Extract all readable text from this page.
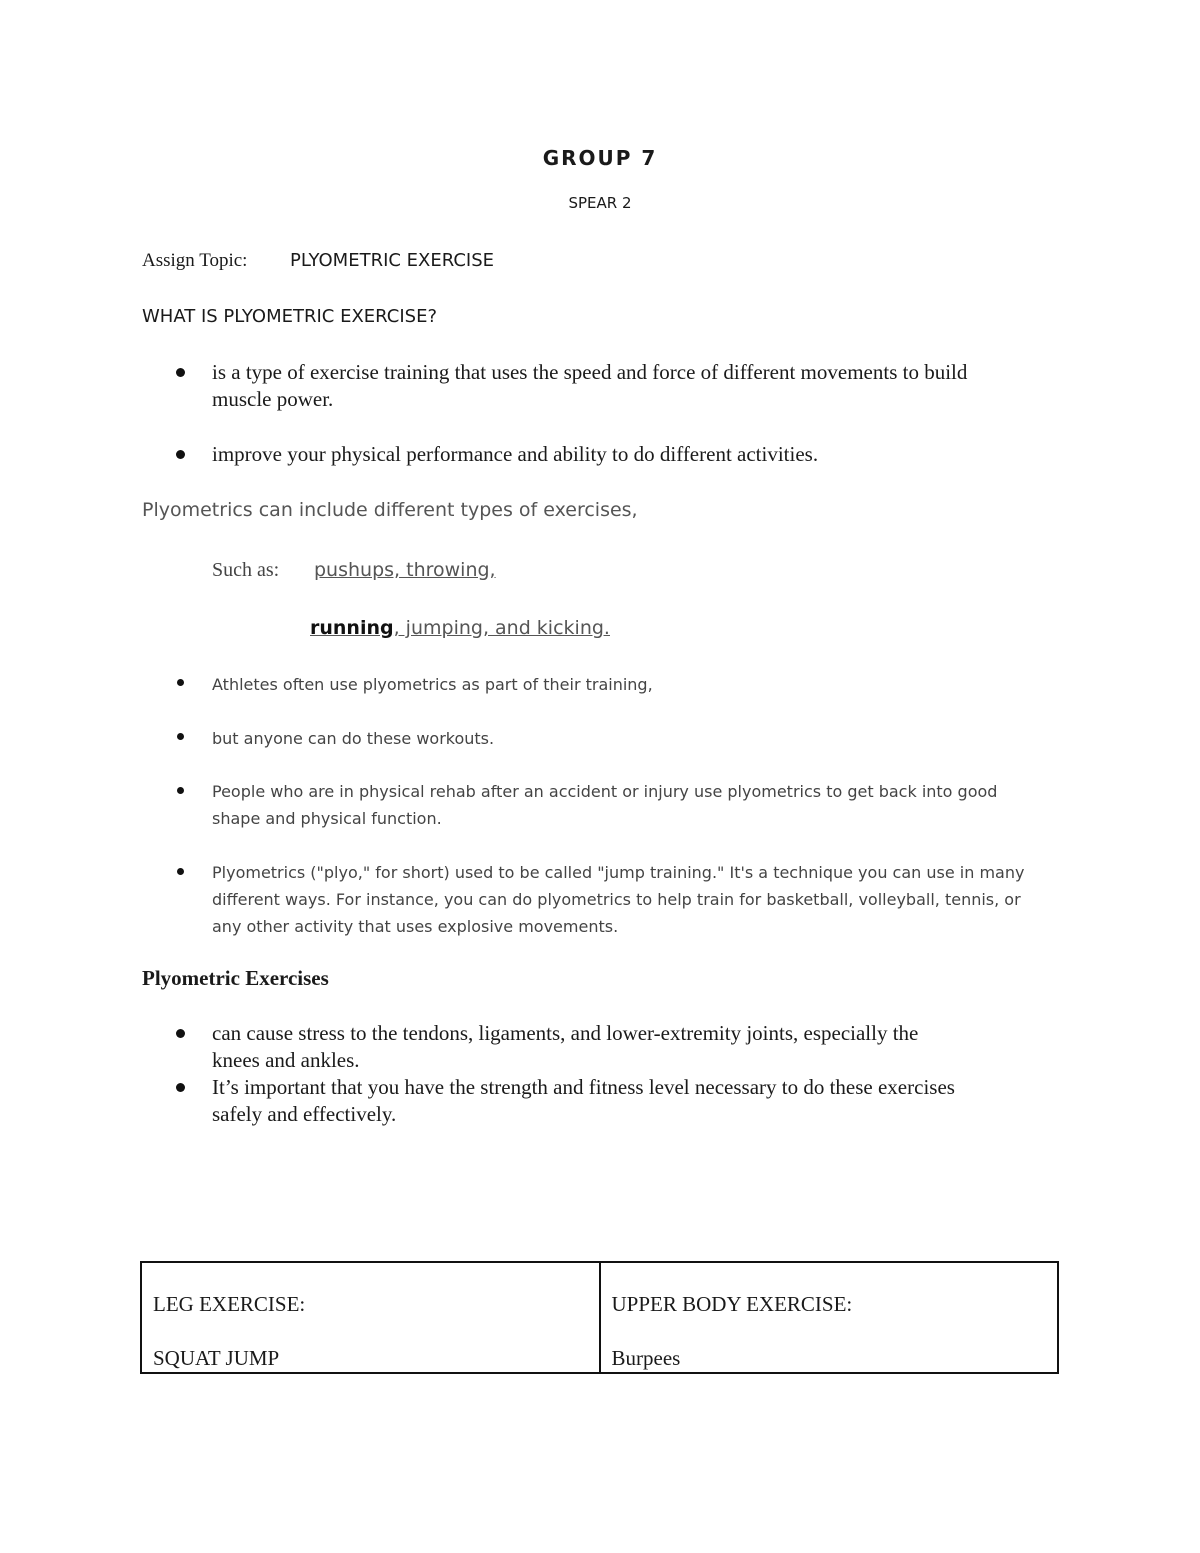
GROUP 7
SPEAR 2
Assign Topic: PLYOMETRIC EXERCISE
WHAT IS PLYOMETRIC EXERCISE?
is a type of exercise training that uses the speed and force of different movements to build
muscle power.
improve your physical performance and ability to do different activities.
Plyometrics can include different types of exercises,
Such as: pushups, throwing,
running, jumping, and kicking.
Athletes often use plyometrics as part of their training,
but anyone can do these workouts.
People who are in physical rehab after an accident or injury use plyometrics to get back into good
shape and physical function.
Plyometrics ("plyo," for short) used to be called "jump training." It's a technique you can use in many
different ways. For instance, you can do plyometrics to help train for basketball, volleyball, tennis, or
any other activity that uses explosive movements.
Plyometric Exercises
can cause stress to the tendons, ligaments, and lower-extremity joints, especially the
knees and ankles.
It’s important that you have the strength and fitness level necessary to do these exercises
safely and effectively.
LEG EXERCISE:
SQUAT JUMP

UPPER BODY EXERCISE:
Burpees
